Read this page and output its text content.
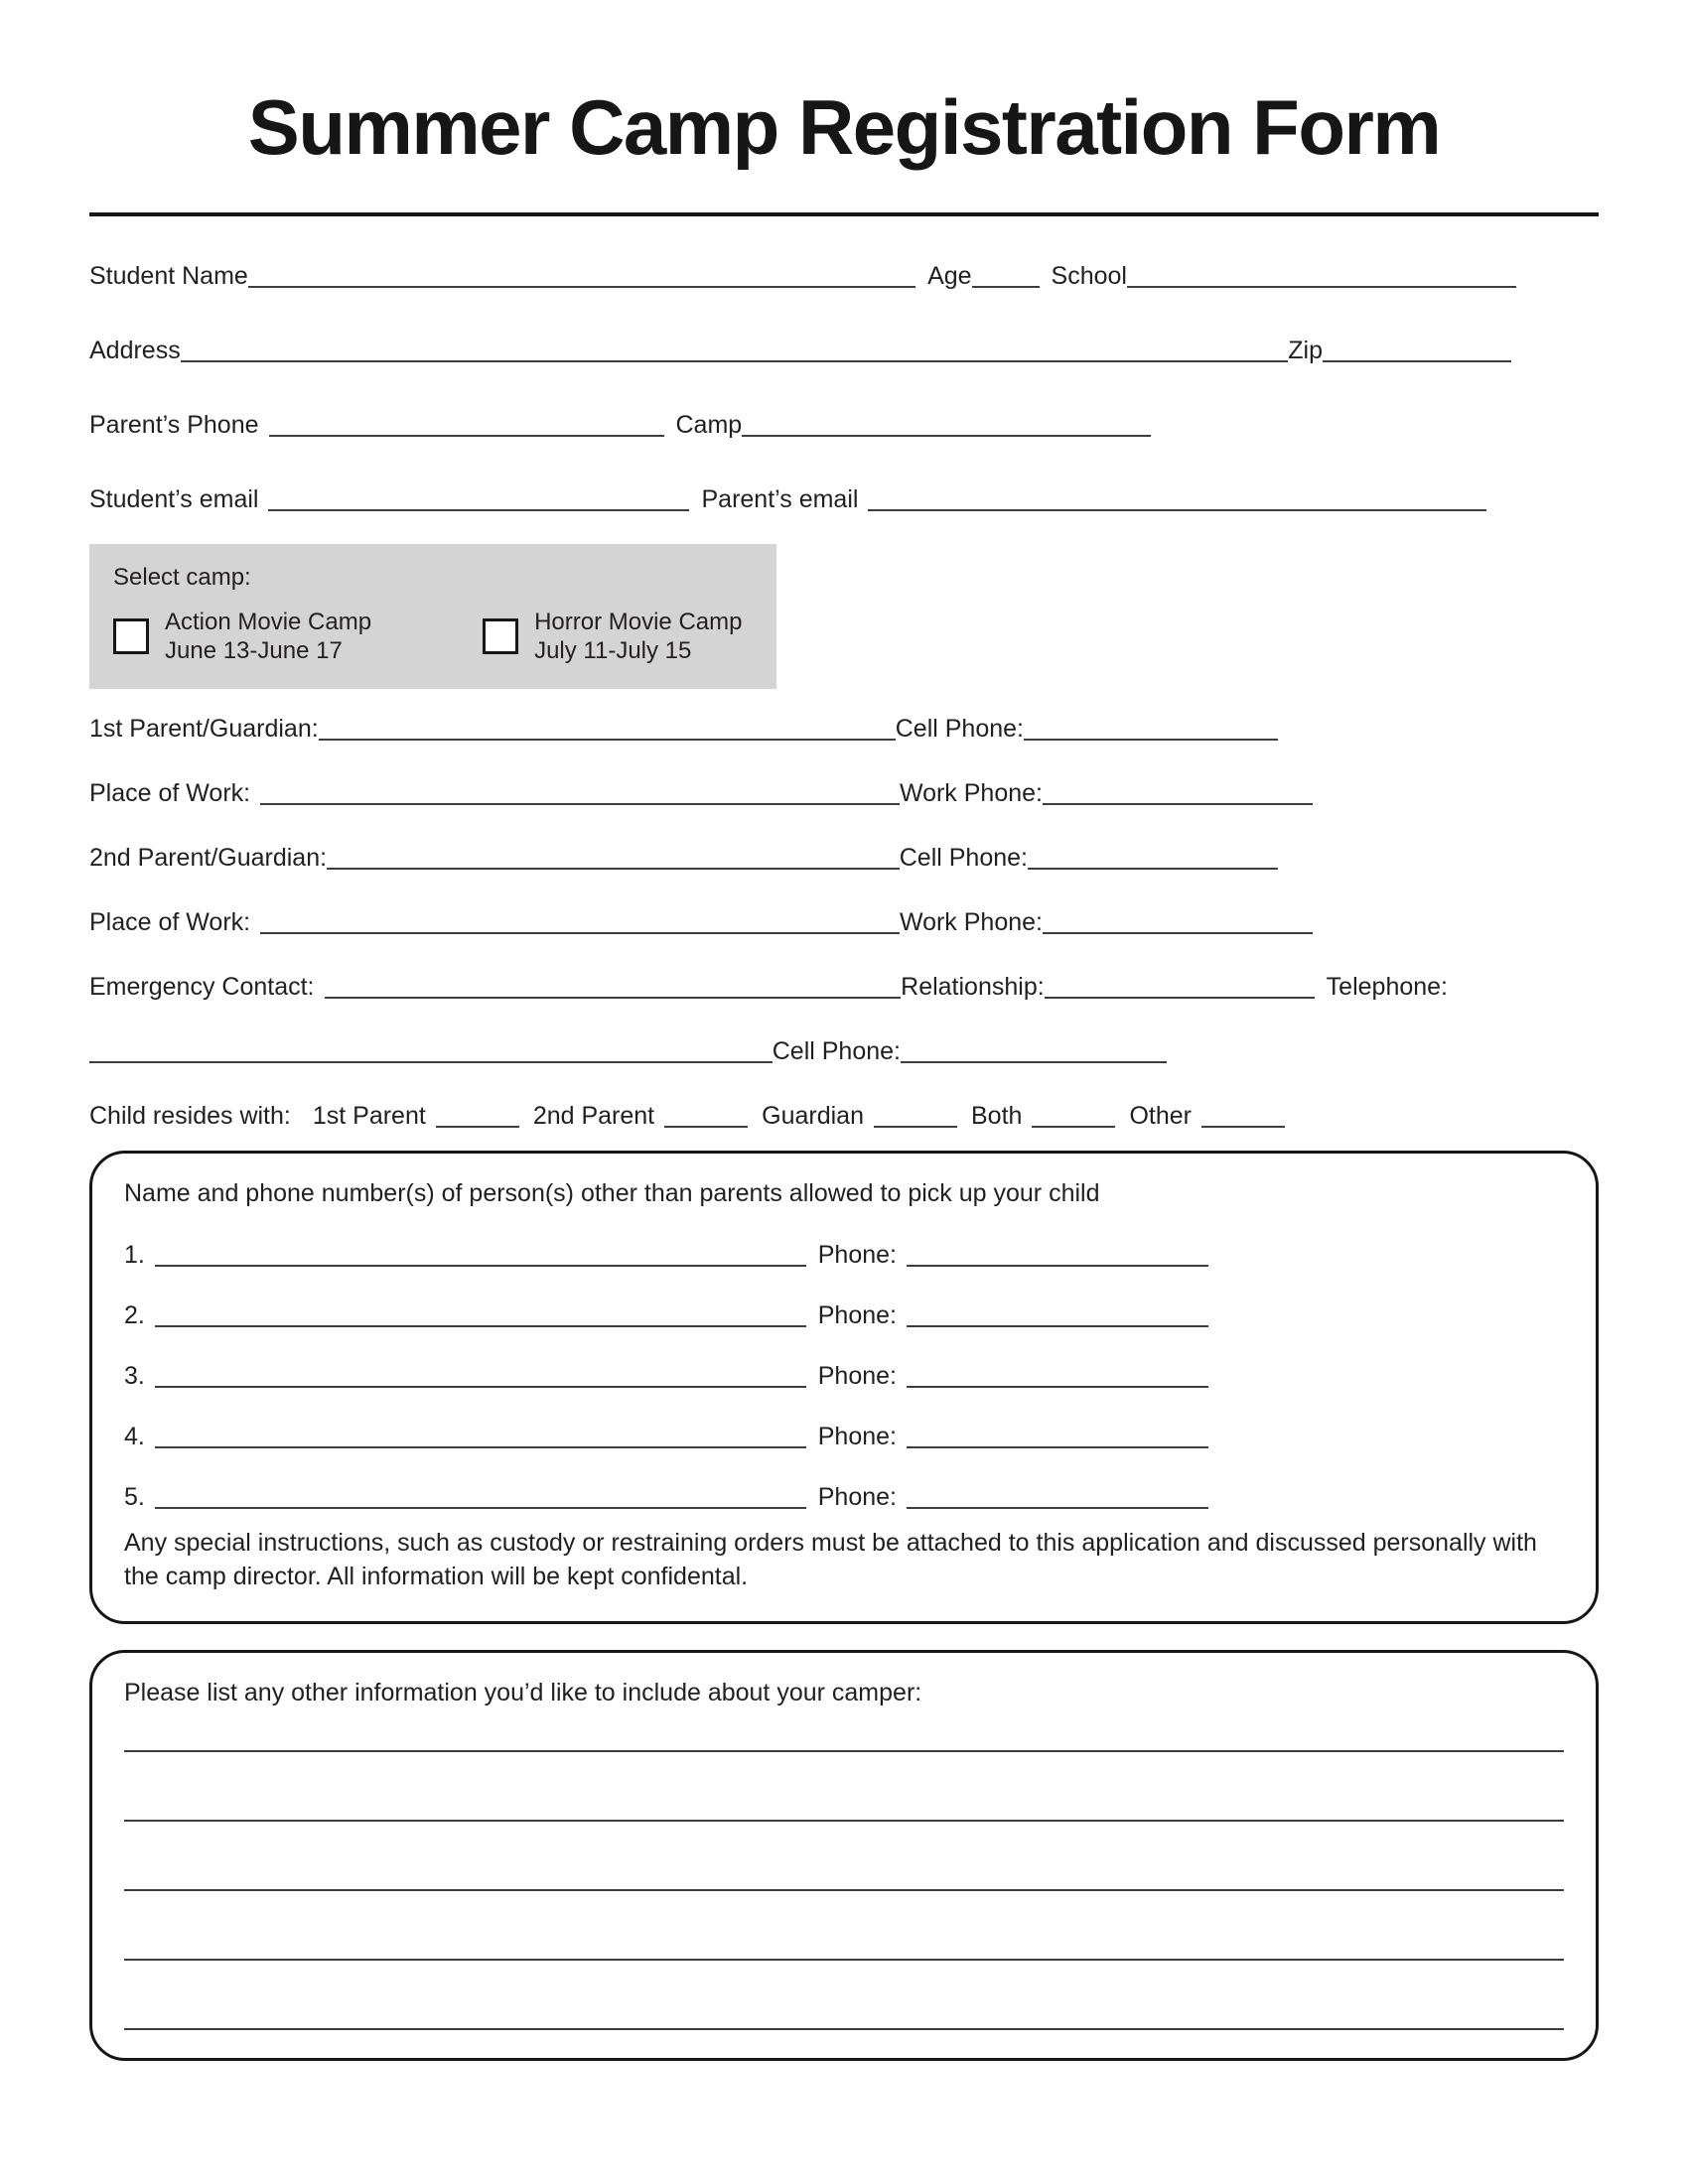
Summer Camp Registration Form
Student Name	Age	School
Address	Zip
Parent’s Phone	Camp
Student’s email	Parent’s email
Select camp:
Action Movie Camp
June 13-June 17
Horror Movie Camp
July 11-July 15
1st Parent/Guardian:	Cell Phone:
Place of Work:	Work Phone:
2nd Parent/Guardian:	Cell Phone:
Place of Work:	Work Phone:
Emergency Contact:	Relationship:	Telephone:
Cell Phone:
Child resides with: 1st Parent	2nd Parent	Guardian	Both	Other
Name and phone number(s) of person(s) other than parents allowed to pick up your child
1.	Phone:
2.	Phone:
3.	Phone:
4.	Phone:
5.	Phone:
Any special instructions, such as custody or restraining orders must be attached to this application and discussed personally with the camp director. All information will be kept confidental.
Please list any other information you’d like to include about your camper:
